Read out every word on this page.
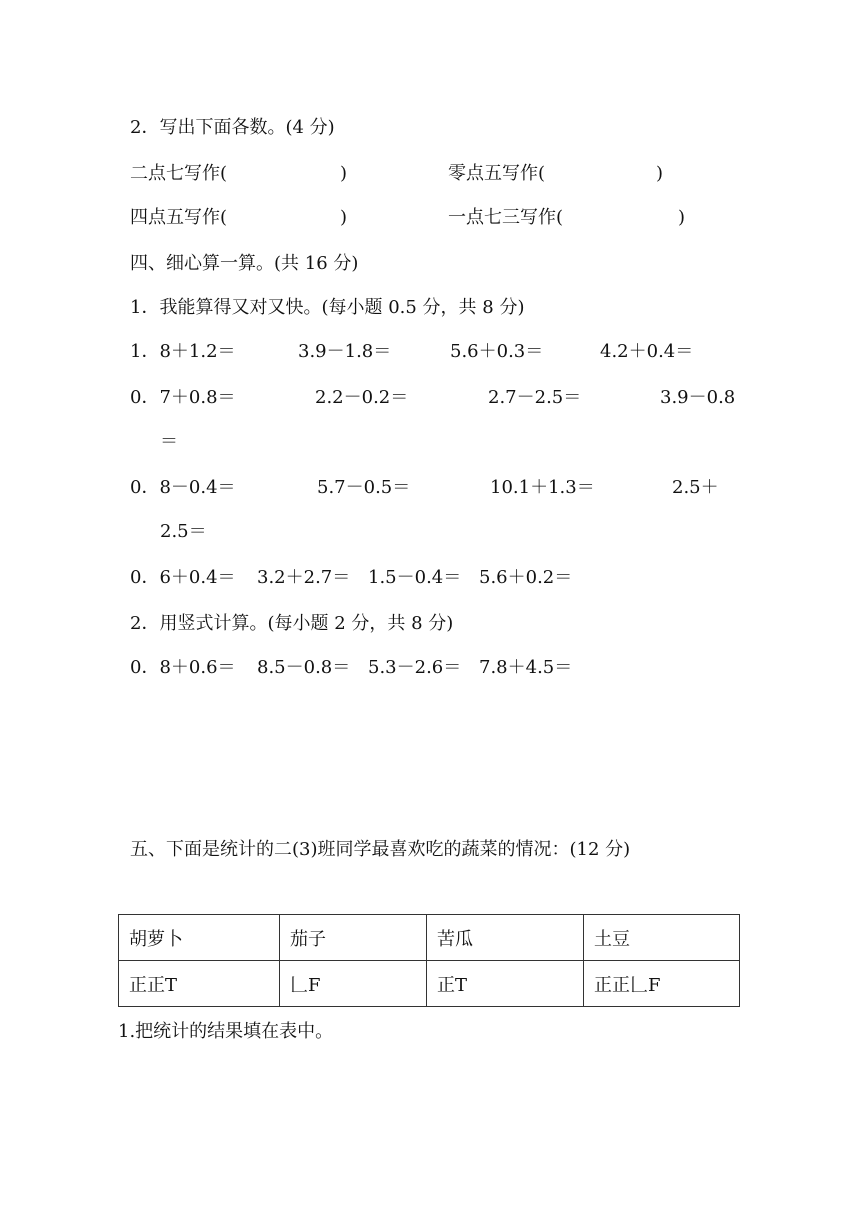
2．写出下面各数。(4 分)
二点七写作(	)	零点五写作(	)
四点五写作(	)	一点七三写作(	)
四、细心算一算。(共 16 分)
1．我能算得又对又快。(每小题 0.5 分，共 8 分)
1．8＋1.2＝	3.9－1.8＝	5.6＋0.3＝	4.2＋0.4＝
0．7＋0.8＝	2.2－0.2＝	2.7－2.5＝	3.9－0.8
＝
0．8－0.4＝	5.7－0.5＝	10.1＋1.3＝	2.5＋
2.5＝
0．6＋0.4＝ 3.2＋2.7＝ 1.5－0.4＝ 5.6＋0.2＝
2．用竖式计算。(每小题 2 分，共 8 分)
0．8＋0.6＝ 8.5－0.8＝ 5.3－2.6＝ 7.8＋4.5＝
五、下面是统计的二(3)班同学最喜欢吃的蔬菜的情况：(12 分)
胡萝卜	茄子	苦瓜	土豆
正正T	𠃊F	正T	正正𠃊F
1.把统计的结果填在表中。
